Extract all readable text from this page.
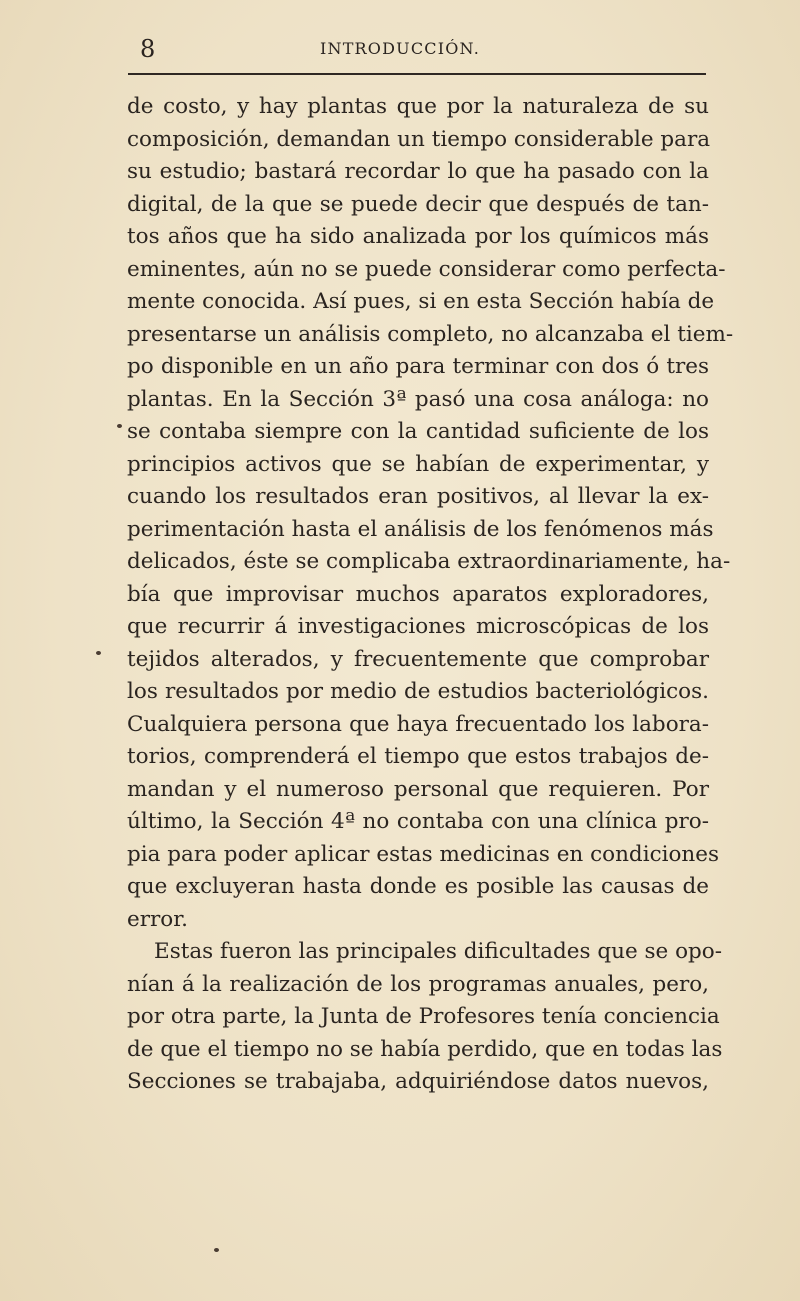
8	INTRODUCCIÓN.
de costo, y hay plantas que por la naturaleza de su
composición, demandan un tiempo considerable para
su estudio; bastará recordar lo que ha pasado con la
digital, de la que se puede decir que después de tan-
tos años que ha sido analizada por los químicos más
eminentes, aún no se puede considerar como perfecta-
mente conocida. Así pues, si en esta Sección había de
presentarse un análisis completo, no alcanzaba el tiem-
po disponible en un año para terminar con dos ó tres
plantas. En la Sección 3ª pasó una cosa análoga: no
se contaba siempre con la cantidad suficiente de los
principios activos que se habían de experimentar, y
cuando los resultados eran positivos, al llevar la ex-
perimentación hasta el análisis de los fenómenos más
delicados, éste se complicaba extraordinariamente, ha-
bía que improvisar muchos aparatos exploradores,
que recurrir á investigaciones microscópicas de los
tejidos alterados, y frecuentemente que comprobar
los resultados por medio de estudios bacteriológicos.
Cualquiera persona que haya frecuentado los labora-
torios, comprenderá el tiempo que estos trabajos de-
mandan y el numeroso personal que requieren. Por
último, la Sección 4ª no contaba con una clínica pro-
pia para poder aplicar estas medicinas en condiciones
que excluyeran hasta donde es posible las causas de
error.
Estas fueron las principales dificultades que se opo-
nían á la realización de los programas anuales, pero,
por otra parte, la Junta de Profesores tenía conciencia
de que el tiempo no se había perdido, que en todas las
Secciones se trabajaba, adquiriéndose datos nuevos,
